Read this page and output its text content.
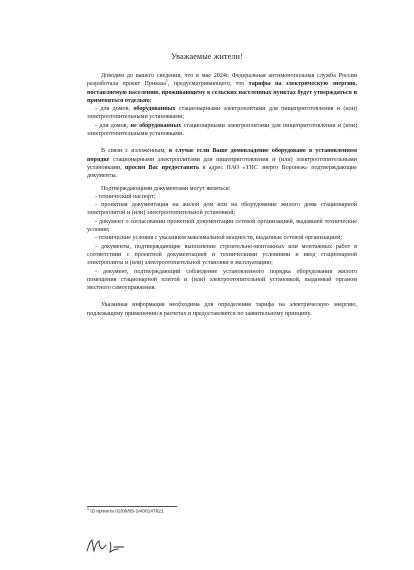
Уважаемые жители!

Доводим до вашего сведения, что в мае 2024г. Федеральная антимонопольная служба России разработала проект Приказа$^1$, предусматривающего, что тарифы на электрическую энергию, поставляемую населению, проживающему в сельских населенных пунктах будут утверждаться и применяться отдельно:

- для домов, оборудованных стационарными электроплитами для пищеприготовления и (или) электроотопительными установками;

- для домов, не оборудованных стационарными электроплитами для пищеприготовления и (или) электроотопительными установками.

В связи с изложенным, в случае если Ваше домовладение оборудовано в установленном порядке стационарными электроплитами для пищеприготовления и (или) электроотопительными установками, просим Вас предоставить в адрес ПАО «ТНС энерго Воронеж» подтверждающие документы.

Подтверждающими документами могут являться:

- технический паспорт;

- проектная документация на жилой дом или на оборудование жилого дома стационарной электроплитой и (или) электроотопительной установкой;

- документ о согласовании проектной документации сетевой организацией, выдавшей технические условия;

- технические условия с указанием максимальной мощности, выданные сетевой организацией;

- документы, подтверждающие выполнение строительно-монтажных или монтажных работ в соответствии с проектной документацией и техническими условиями и ввод стационарной электроплиты и (или) электроотопительной установки в эксплуатацию;

- документ, подтверждающий соблюдение установленного порядка оборудования жилого помещения стационарной плитой и (или) электроотопительной установкой, выданный органом местного самоуправления.

Указанная информация необходима для определения тарифа на электрическую энергию, подлежащему применению в расчетах и предоставляется по заявительному принципу.

$^1$ ID проекта 02/08/05-24/00147621
